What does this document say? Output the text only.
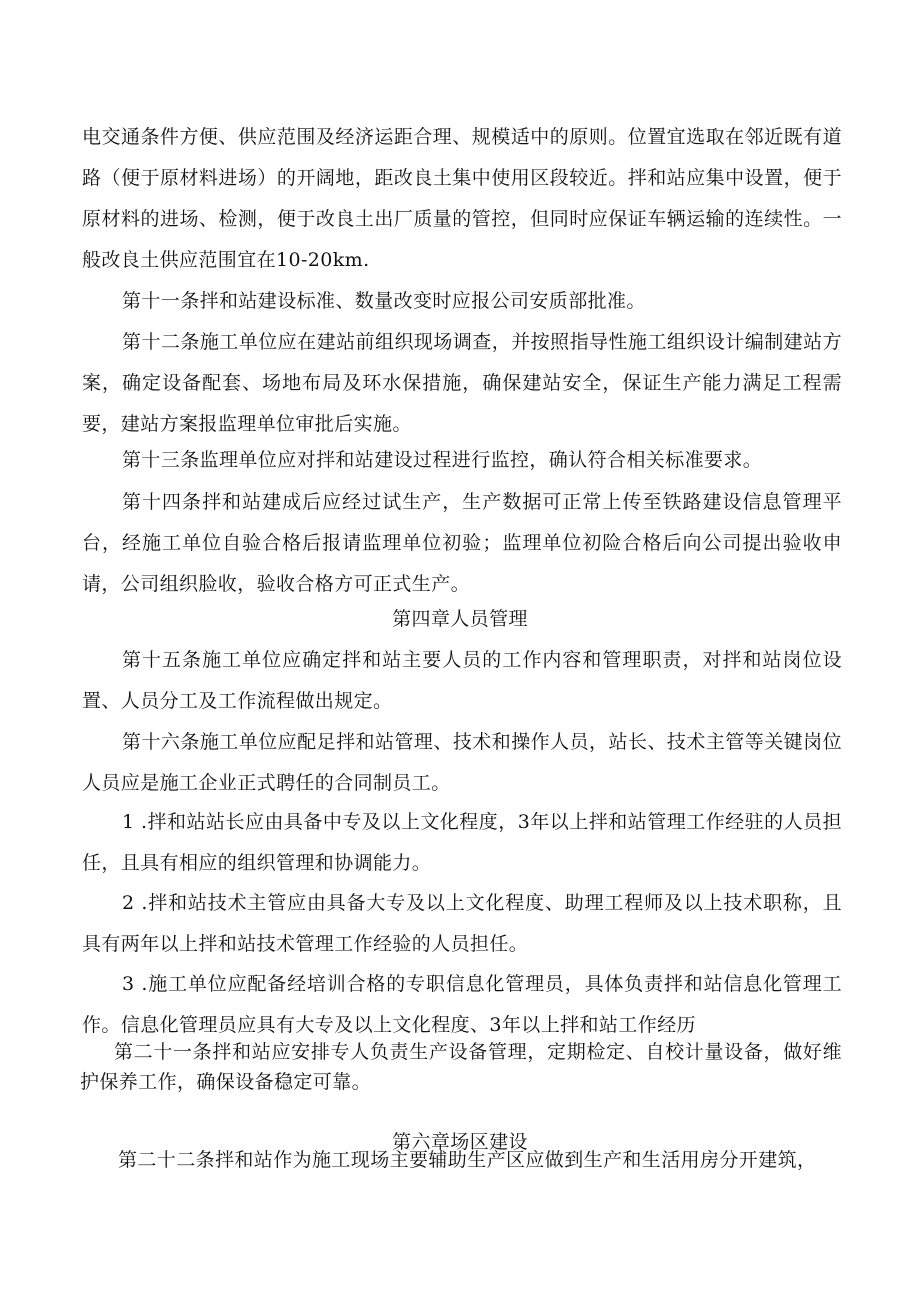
电交通条件方便、供应范围及经济运距合理、规模适中的原则。位置宜选取在邻近既有道路（便于原材料进场）的开阔地，距改良土集中使用区段较近。拌和站应集中设置，便于原材料的进场、检测，便于改良土出厂质量的管控，但同时应保证车辆运输的连续性。一般改良土供应范围宜在10-20km.

第十一条拌和站建设标准、数量改变时应报公司安质部批准。

第十二条施工单位应在建站前组织现场调查，并按照指导性施工组织设计编制建站方案，确定设备配套、场地布局及环水保措施，确保建站安全，保证生产能力满足工程需要，建站方案报监理单位审批后实施。

第十三条监理单位应对拌和站建设过程进行监控，确认符合相关标准要求。

第十四条拌和站建成后应经过试生产，生产数据可正常上传至铁路建设信息管理平台，经施工单位自验合格后报请监理单位初验；监理单位初险合格后向公司提出验收申请，公司组织脸收，验收合格方可正式生产。

第四章人员管理

第十五条施工单位应确定拌和站主要人员的工作内容和管理职责，对拌和站岗位设置、人员分工及工作流程做出规定。

第十六条施工单位应配足拌和站管理、技术和操作人员，站长、技术主管等关键岗位人员应是施工企业正式聘任的合同制员工。

1 .拌和站站长应由具备中专及以上文化程度，3年以上拌和站管理工作经驻的人员担任，且具有相应的组织管理和协调能力。

2 .拌和站技术主管应由具备大专及以上文化程度、助理工程师及以上技术职称，且具有两年以上拌和站技术管理工作经验的人员担任。

3 .施工单位应配备经培训合格的专职信息化管理员，具体负责拌和站信息化管理工作。信息化管理员应具有大专及以上文化程度、3年以上拌和站工作经历

第二十一条拌和站应安排专人负责生产设备管理，定期检定、自校计量设备，做好维护保养工作，确保设备稳定可靠。

第六章场区建设

第二十二条拌和站作为施工现场主要辅助生产区应做到生产和生活用房分开建筑，
